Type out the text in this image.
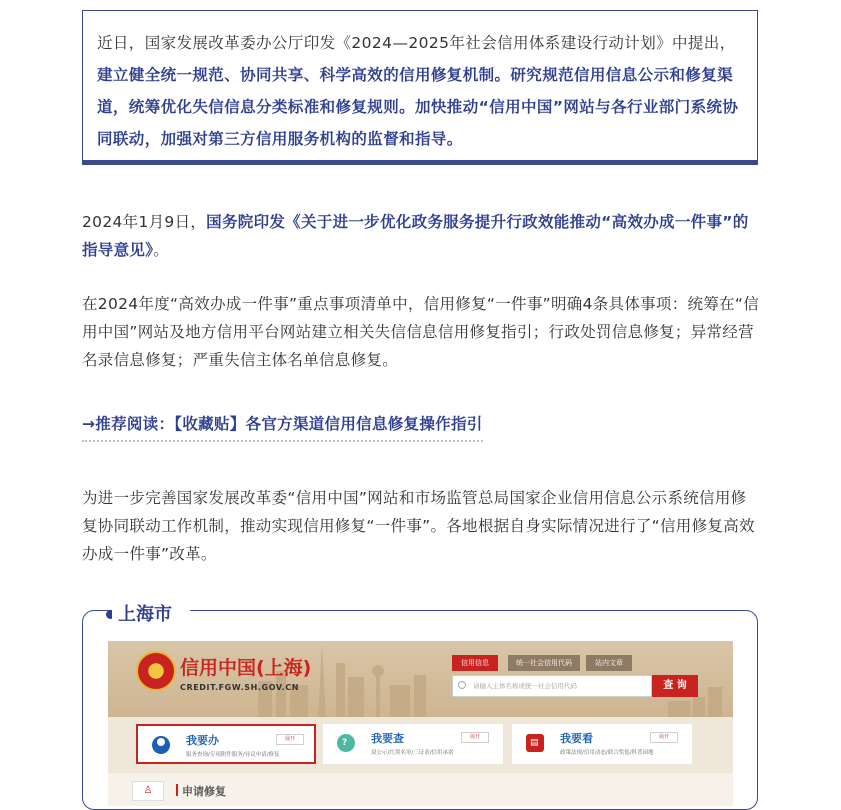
近日，国家发展改革委办公厅印发《2024—2025年社会信用体系建设行动计划》中提出，建立健全统一规范、协同共享、科学高效的信用修复机制。研究规范信用信息公示和修复渠道，统筹优化失信信息分类标准和修复规则。加快推动“信用中国”网站与各行业部门系统协同联动，加强对第三方信用服务机构的监督和指导。

2024年1月9日，国务院印发《关于进一步优化政务服务提升行政效能推动“高效办成一件事”的指导意见》。

在2024年度“高效办成一件事”重点事项清单中，信用修复“一件事”明确4条具体事项：统筹在“信用中国”网站及地方信用平台网站建立相关失信信息信用修复指引；行政处罚信息修复；异常经营名录信息修复；严重失信主体名单信息修复。

→推荐阅读：【收藏贴】各官方渠道信用信息修复操作指引

为进一步完善国家发展改革委“信用中国”网站和市场监管总局国家企业信用信息公示系统信用修复协同联动工作机制，推动实现信用修复“一件事”。各地根据自身实际情况进行了“信用修复高效办成一件事”改革。

上海市
信用中国(上海)
CREDIT.FGW.SH.GOV.CN
信用信息	统一社会信用代码	站内文章
请输入主体名称或统一社会信用代码	查 询
我要办
服务查询/专项附件服务/异议申请/修复
展开	? 我要查
双公示/红黑名单/三证表/信用承诺
展开
▤ 我要看
政策法规/信用动态/联合奖惩/科普园地
展开
♙	申请修复
